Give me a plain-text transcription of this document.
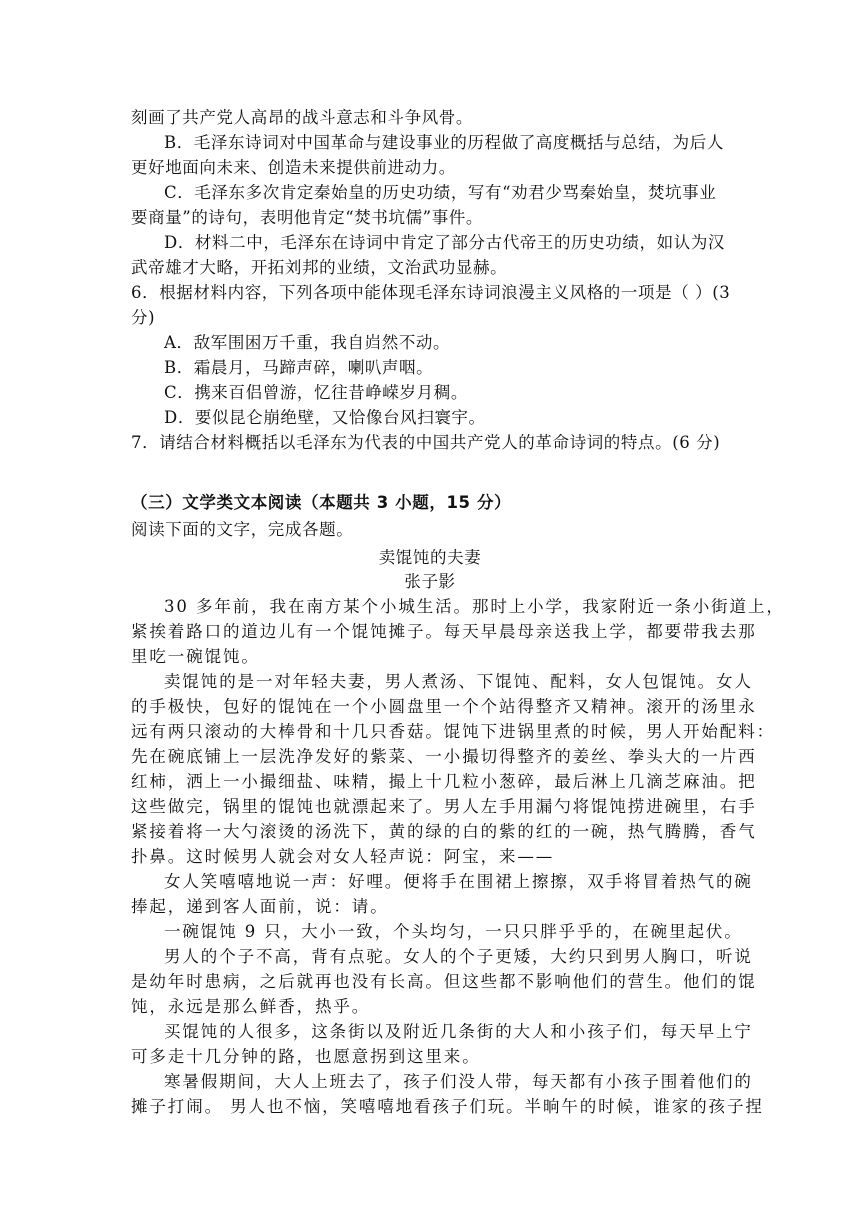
刻画了共产党人高昂的战斗意志和斗争风骨。
B．毛泽东诗词对中国革命与建设事业的历程做了高度概括与总结，为后人
更好地面向未来、创造未来提供前进动力。
C．毛泽东多次肯定秦始皇的历史功绩，写有“劝君少骂秦始皇，焚坑事业
要商量”的诗句，表明他肯定“焚书坑儒”事件。
D．材料二中，毛泽东在诗词中肯定了部分古代帝王的历史功绩，如认为汉
武帝雄才大略，开拓刘邦的业绩，文治武功显赫。
6．根据材料内容，下列各项中能体现毛泽东诗词浪漫主义风格的一项是（ ）(3
分)
A．敌军围困万千重，我自岿然不动。
B．霜晨月，马蹄声碎，喇叭声咽。
C．携来百侣曾游，忆往昔峥嵘岁月稠。
D．要似昆仑崩绝壁，又恰像台风扫寰宇。
7．请结合材料概括以毛泽东为代表的中国共产党人的革命诗词的特点。(6 分)
（三）文学类文本阅读（本题共 3 小题，15 分）
阅读下面的文字，完成各题。
卖馄饨的夫妻
张子影
30 多年前，我在南方某个小城生活。那时上小学，我家附近一条小街道上，
紧挨着路口的道边儿有一个馄饨摊子。每天早晨母亲送我上学，都要带我去那
里吃一碗馄饨。
卖馄饨的是一对年轻夫妻，男人煮汤、下馄饨、配料，女人包馄饨。女人
的手极快，包好的馄饨在一个小圆盘里一个个站得整齐又精神。滚开的汤里永
远有两只滚动的大棒骨和十几只香菇。馄饨下进锅里煮的时候，男人开始配料：
先在碗底铺上一层洗净发好的紫菜、一小撮切得整齐的姜丝、拳头大的一片西
红柿，洒上一小撮细盐、味精，撮上十几粒小葱碎，最后淋上几滴芝麻油。把
这些做完，锅里的馄饨也就漂起来了。男人左手用漏勺将馄饨捞进碗里，右手
紧接着将一大勺滚烫的汤洗下，黄的绿的白的紫的红的一碗，热气腾腾，香气
扑鼻。这时候男人就会对女人轻声说：阿宝，来——
女人笑嘻嘻地说一声：好哩。便将手在围裙上擦擦，双手将冒着热气的碗
捧起，递到客人面前，说：请。
一碗馄饨 9 只，大小一致，个头均匀，一只只胖乎乎的，在碗里起伏。
男人的个子不高，背有点驼。女人的个子更矮，大约只到男人胸口，听说
是幼年时患病，之后就再也没有长高。但这些都不影响他们的营生。他们的馄
饨，永远是那么鲜香，热乎。
买馄饨的人很多，这条街以及附近几条街的大人和小孩子们，每天早上宁
可多走十几分钟的路，也愿意拐到这里来。
寒暑假期间，大人上班去了，孩子们没人带，每天都有小孩子围着他们的
摊子打闹。 男人也不恼，笑嘻嘻地看孩子们玩。半晌午的时候，谁家的孩子捏
